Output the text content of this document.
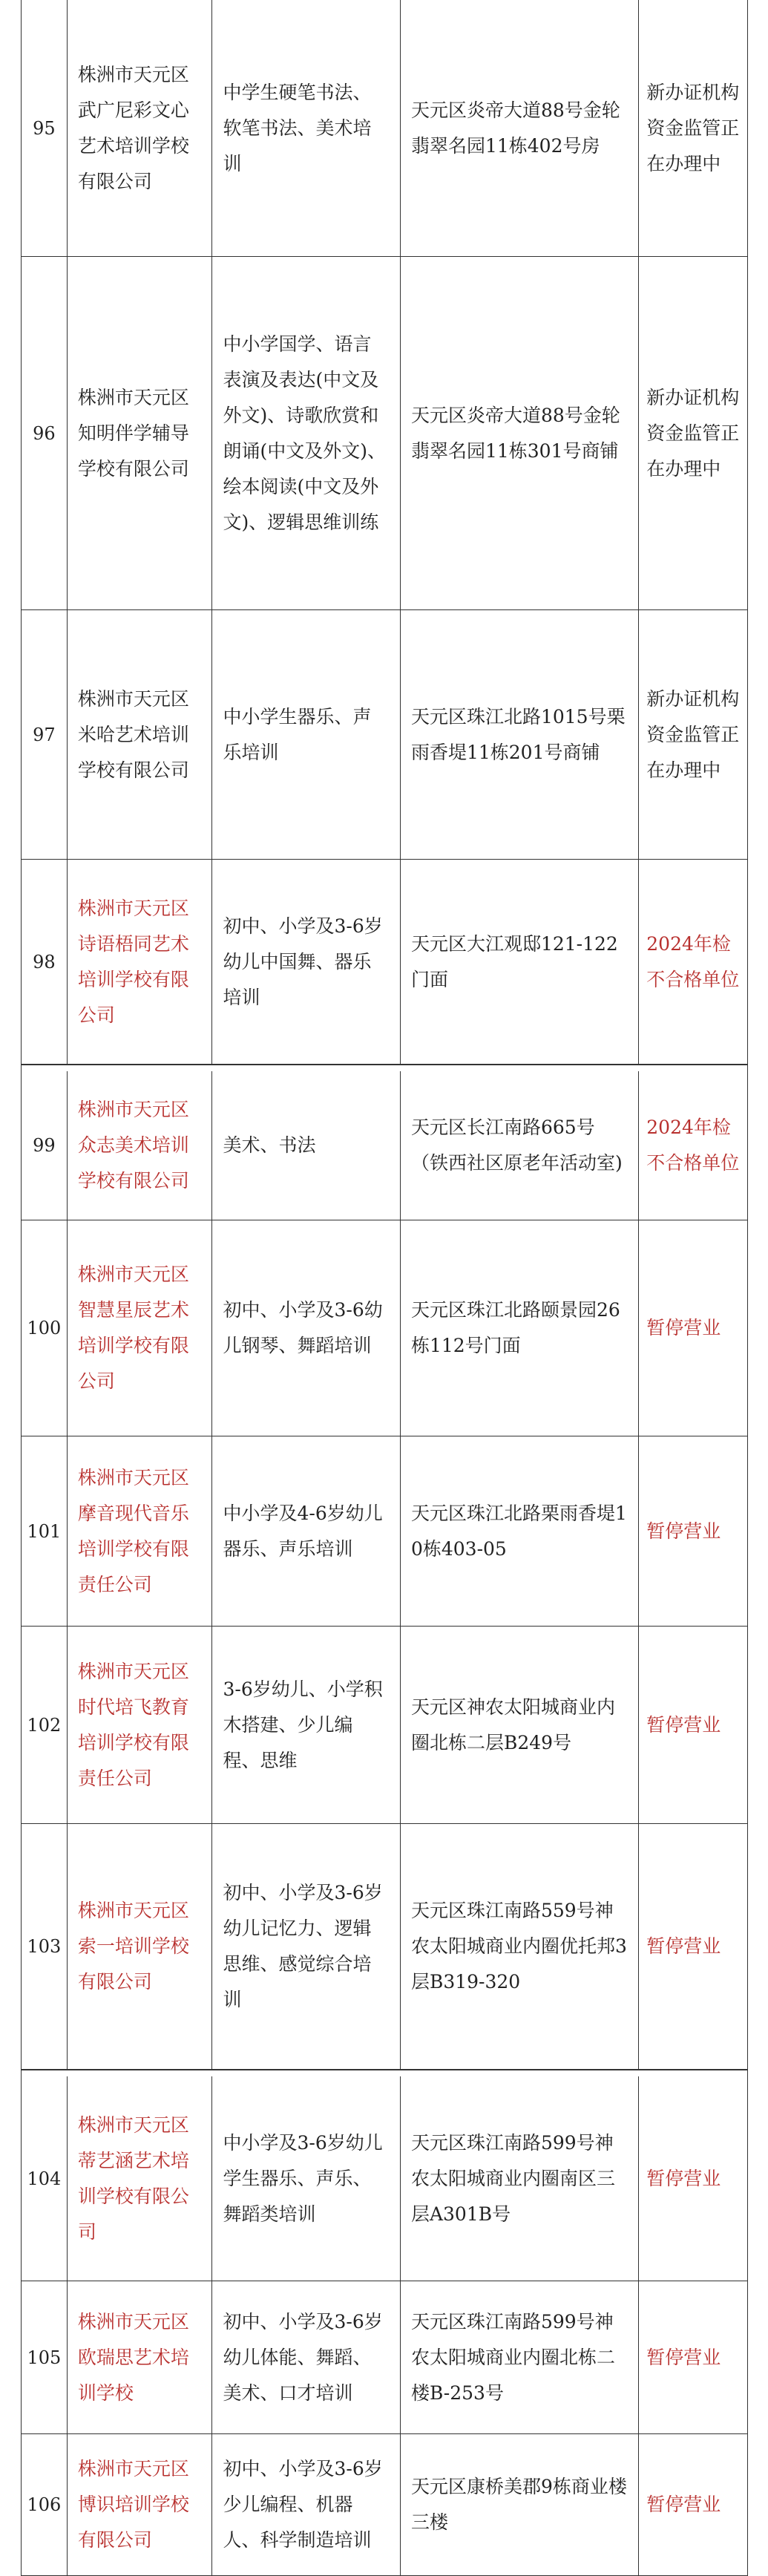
95
株洲市天元区武广尼彩文心艺术培训学校有限公司
中学生硬笔书法、软笔书法、美术培训
天元区炎帝大道88号金轮翡翠名园11栋402号房
新办证机构资金监管正在办理中
96
株洲市天元区知明伴学辅导学校有限公司
中小学国学、语言表演及表达(中文及外文)、诗歌欣赏和朗诵(中文及外文)、绘本阅读(中文及外文)、逻辑思维训练
天元区炎帝大道88号金轮翡翠名园11栋301号商铺
新办证机构资金监管正在办理中
97
株洲市天元区米哈艺术培训学校有限公司
中小学生器乐、声乐培训
天元区珠江北路1015号栗雨香堤11栋201号商铺
新办证机构资金监管正在办理中
98
株洲市天元区诗语梧同艺术培训学校有限公司
初中、小学及3-6岁幼儿中国舞、器乐培训
天元区大江观邸121-122门面
2024年检不合格单位
99
株洲市天元区众志美术培训学校有限公司
美术、书法
天元区长江南路665号（铁西社区原老年活动室)
2024年检不合格单位
100
株洲市天元区智慧星辰艺术培训学校有限公司
初中、小学及3-6幼儿钢琴、舞蹈培训
天元区珠江北路颐景园26栋112号门面
暂停营业
101
株洲市天元区摩音现代音乐培训学校有限责任公司
中小学及4-6岁幼儿器乐、声乐培训
天元区珠江北路栗雨香堤10栋403-05
暂停营业
102
株洲市天元区时代培飞教育培训学校有限责任公司
3-6岁幼儿、小学积木搭建、少儿编程、思维
天元区神农太阳城商业内圈北栋二层B249号
暂停营业
103
株洲市天元区索一培训学校有限公司
初中、小学及3-6岁幼儿记忆力、逻辑思维、感觉综合培训
天元区珠江南路559号神农太阳城商业内圈优托邦3层B319-320
暂停营业
104
株洲市天元区蒂艺涵艺术培训学校有限公司
中小学及3-6岁幼儿学生器乐、声乐、舞蹈类培训
天元区珠江南路599号神农太阳城商业内圈南区三层A301B号
暂停营业
105
株洲市天元区欧瑞思艺术培训学校
初中、小学及3-6岁幼儿体能、舞蹈、美术、口才培训
天元区珠江南路599号神农太阳城商业内圈北栋二楼B-253号
暂停营业
106
株洲市天元区博识培训学校有限公司
初中、小学及3-6岁少儿编程、机器人、科学制造培训
天元区康桥美郡9栋商业楼三楼
暂停营业
